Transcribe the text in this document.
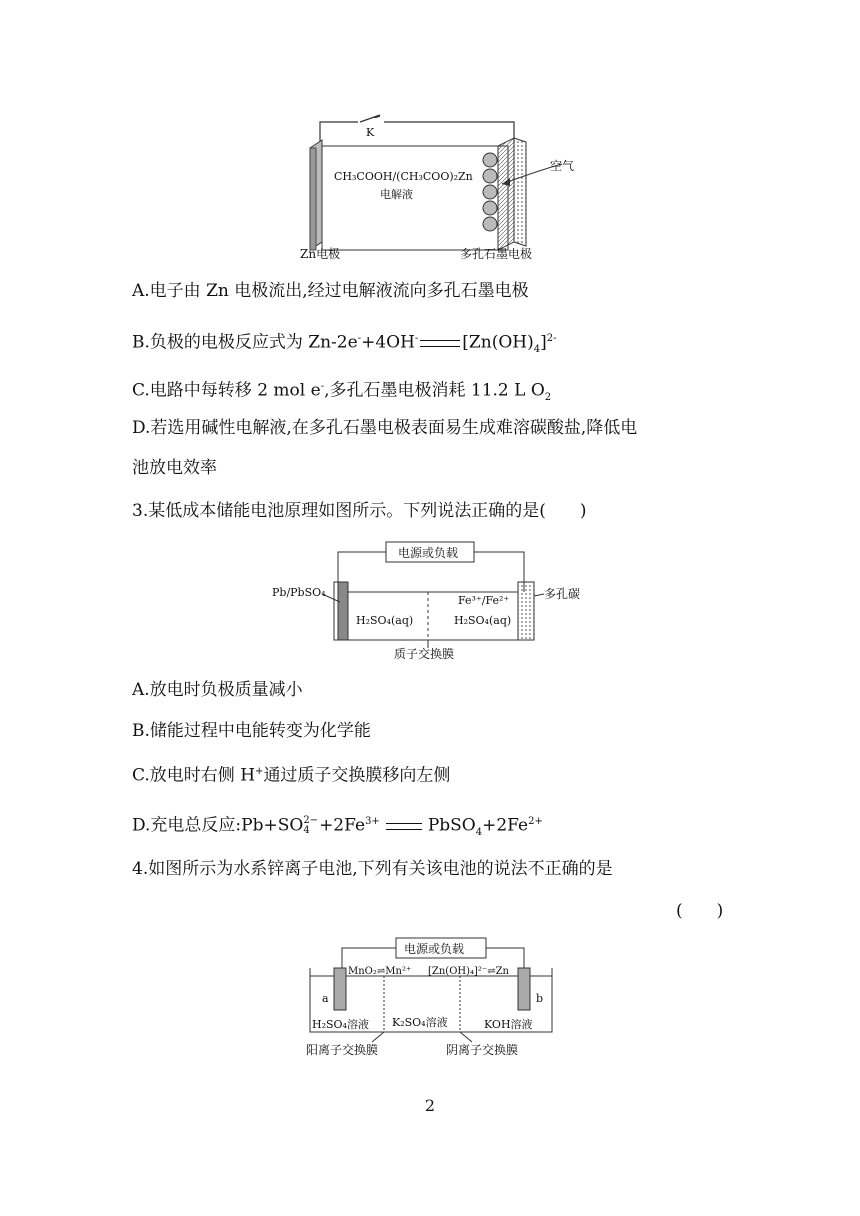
K
CH₃COOH/(CH₃COO)₂Zn
电解液
空气
Zn电极	多孔石墨电极
A.电子由 Zn 电极流出,经过电解液流向多孔石墨电极
B.负极的电极反应式为 Zn-2e-+4OH-	$[Zn(OH)_4]^{2-}$
C.电路中每转移 2 mol e-,多孔石墨电极消耗 11.2 L $O_2$
D.若选用碱性电解液,在多孔石墨电极表面易生成难溶碳酸盐,降低电
池放电效率
3.某低成本储能电池原理如图所示。下列说法正确的是(　　)
电源或负载
Pb/PbSO₄
H₂SO₄(aq)
Fe³⁺/Fe²⁺
H₂SO₄(aq)
多孔碳
质子交换膜
A.放电时负极质量减小
B.储能过程中电能转变为化学能
C.放电时右侧 H+通过质子交换膜移向左侧
D.充电总反应:Pb+SO 2−
$4 +2Fe^{3+}$	$PbSO_4+2Fe^{2+}$
4.如图所示为水系锌离子电池,下列有关该电池的说法不正确的是
(　　)
电源或负载
a	b
MnO₂⇌Mn²⁺ [Zn(OH)₄]²⁻⇌Zn
H₂SO₄溶液 K₂SO₄溶液	KOH溶液
阳离子交换膜	阴离子交换膜
2
